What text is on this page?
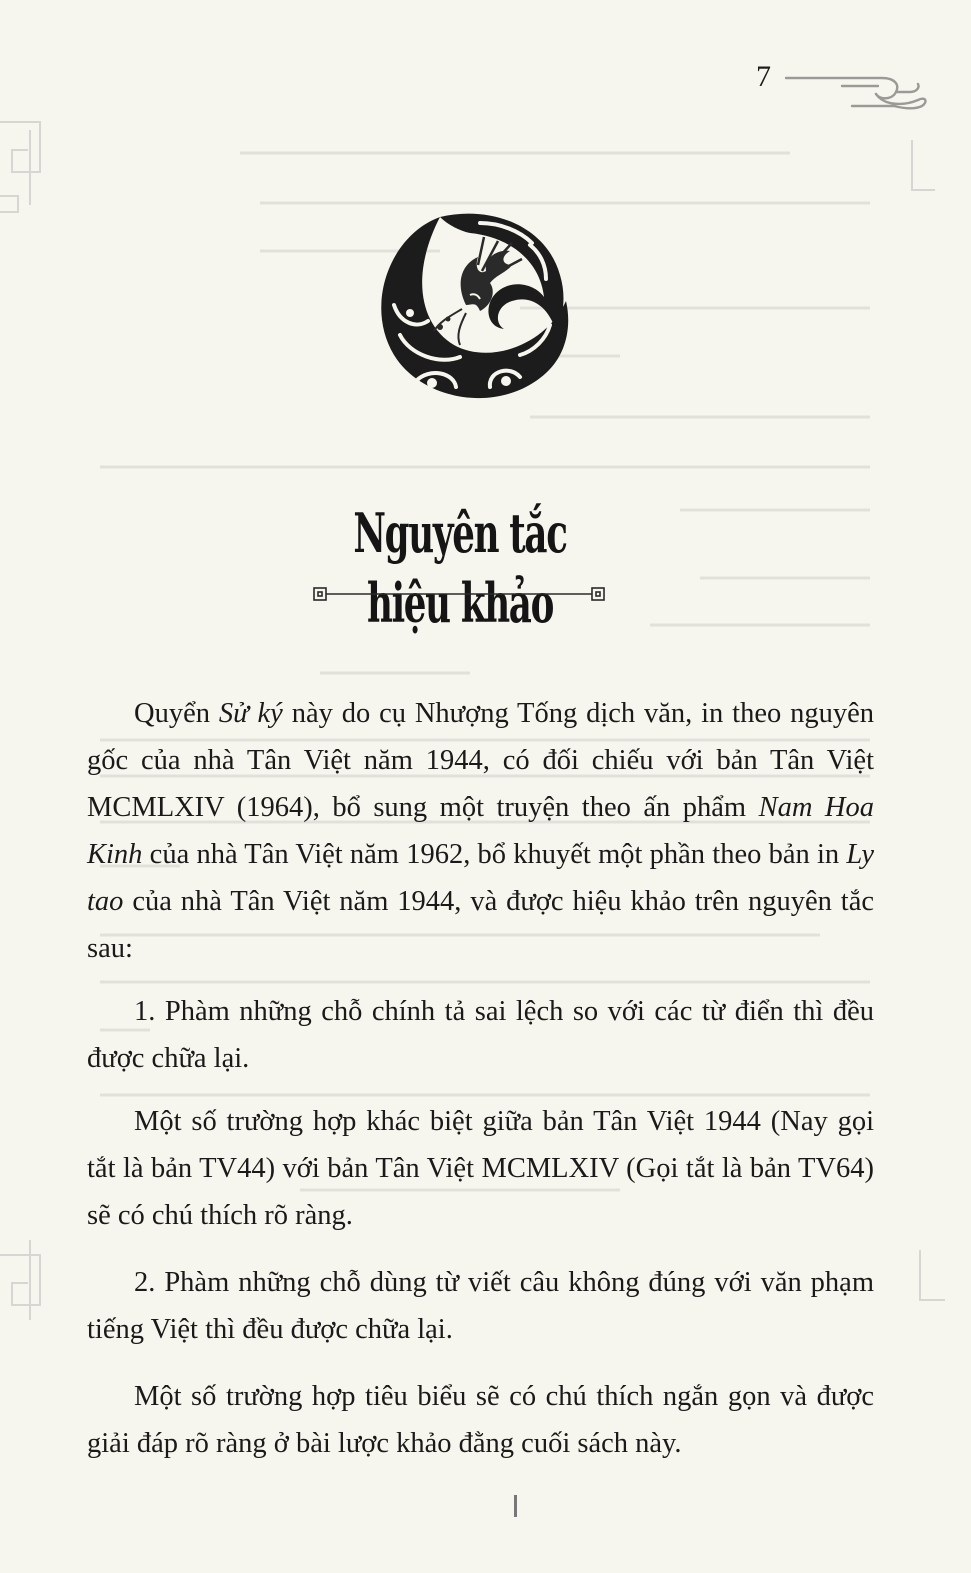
7
Nguyên tắc hiệu khảo

Quyển Sử ký này do cụ Nhượng Tống dịch văn, in theo nguyên gốc của nhà Tân Việt năm 1944, có đối chiếu với bản Tân Việt MCMLXIV (1964), bổ sung một truyện theo ấn phẩm Nam Hoa Kinh của nhà Tân Việt năm 1962, bổ khuyết một phần theo bản in Ly tao của nhà Tân Việt năm 1944, và được hiệu khảo trên nguyên tắc sau:

1. Phàm những chỗ chính tả sai lệch so với các từ điển thì đều được chữa lại.

Một số trường hợp khác biệt giữa bản Tân Việt 1944 (Nay gọi tắt là bản TV44) với bản Tân Việt MCMLXIV (Gọi tắt là bản TV64) sẽ có chú thích rõ ràng.

2. Phàm những chỗ dùng từ viết câu không đúng với văn phạm tiếng Việt thì đều được chữa lại.

Một số trường hợp tiêu biểu sẽ có chú thích ngắn gọn và được giải đáp rõ ràng ở bài lược khảo đằng cuối sách này.
